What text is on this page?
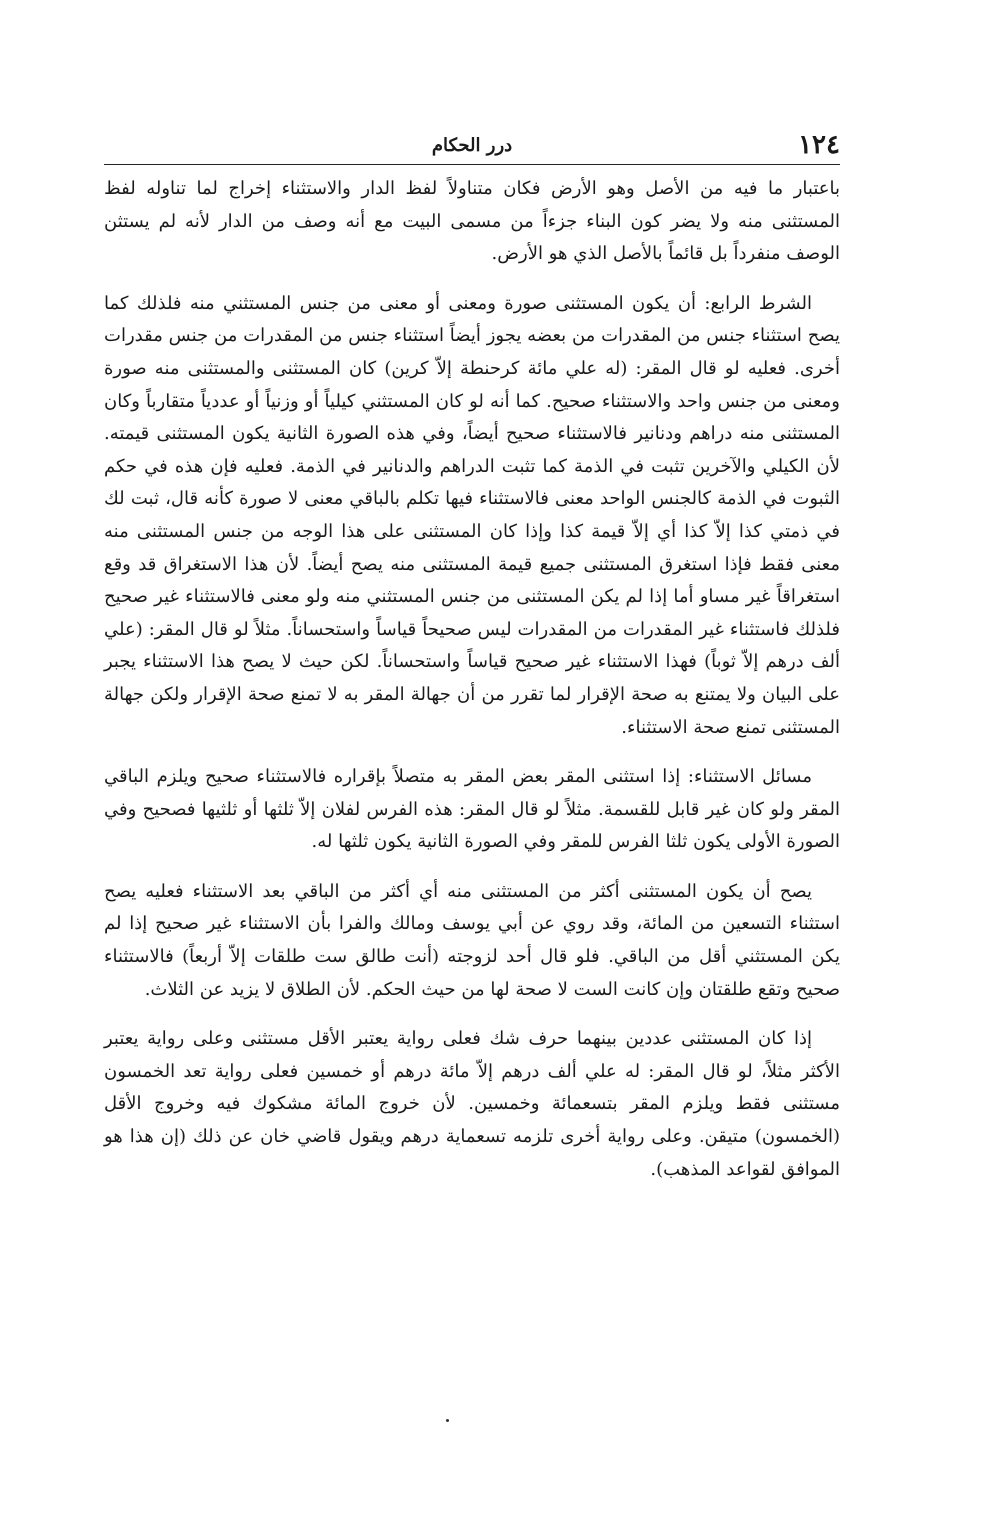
١٢٤
درر الحكام

باعتبار ما فيه من الأصل وهو الأرض فكان متناولاً لفظ الدار والاستثناء إخراج لما تناوله لفظ المستثنى منه ولا يضر كون البناء جزءاً من مسمى البيت مع أنه وصف من الدار لأنه لم يستثن الوصف منفرداً بل قائماً بالأصل الذي هو الأرض.

الشرط الرابع: أن يكون المستثنى صورة ومعنى أو معنى من جنس المستثني منه فلذلك كما يصح استثناء جنس من المقدرات من بعضه يجوز أيضاً استثناء جنس من المقدرات من جنس مقدرات أخرى. فعليه لو قال المقر: (له علي مائة كرحنطة إلاّ كرين) كان المستثنى والمستثنى منه صورة ومعنى من جنس واحد والاستثناء صحيح. كما أنه لو كان المستثني كيلياً أو وزنياً أو عددياً متقارباً وكان المستثنى منه دراهم ودنانير فالاستثناء صحيح أيضاً، وفي هذه الصورة الثانية يكون المستثنى قيمته. لأن الكيلي والآخرين تثبت في الذمة كما تثبت الدراهم والدنانير في الذمة. فعليه فإن هذه في حكم الثبوت في الذمة كالجنس الواحد معنى فالاستثناء فيها تكلم بالباقي معنى لا صورة كأنه قال، ثبت لك في ذمتي كذا إلاّ كذا أي إلاّ قيمة كذا وإذا كان المستثنى على هذا الوجه من جنس المستثنى منه معنى فقط فإذا استغرق المستثنى جميع قيمة المستثنى منه يصح أيضاً. لأن هذا الاستغراق قد وقع استغراقاً غير مساو أما إذا لم يكن المستثنى من جنس المستثني منه ولو معنى فالاستثناء غير صحيح فلذلك فاستثناء غير المقدرات من المقدرات ليس صحيحاً قياساً واستحساناً. مثلاً لو قال المقر: (علي ألف درهم إلاّ ثوباً) فهذا الاستثناء غير صحيح قياساً واستحساناً. لكن حيث لا يصح هذا الاستثناء يجبر على البيان ولا يمتنع به صحة الإقرار لما تقرر من أن جهالة المقر به لا تمنع صحة الإقرار ولكن جهالة المستثنى تمنع صحة الاستثناء.

مسائل الاستثناء: إذا استثنى المقر بعض المقر به متصلاً بإقراره فالاستثناء صحيح ويلزم الباقي المقر ولو كان غير قابل للقسمة. مثلاً لو قال المقر: هذه الفرس لفلان إلاّ ثلثها أو ثلثيها فصحيح وفي الصورة الأولى يكون ثلثا الفرس للمقر وفي الصورة الثانية يكون ثلثها له.

يصح أن يكون المستثنى أكثر من المستثنى منه أي أكثر من الباقي بعد الاستثناء فعليه يصح استثناء التسعين من المائة، وقد روي عن أبي يوسف ومالك والفرا بأن الاستثناء غير صحيح إذا لم يكن المستثني أقل من الباقي. فلو قال أحد لزوجته (أنت طالق ست طلقات إلاّ أربعاً) فالاستثناء صحيح وتقع طلقتان وإن كانت الست لا صحة لها من حيث الحكم. لأن الطلاق لا يزيد عن الثلاث.

إذا كان المستثنى عددين بينهما حرف شك فعلى رواية يعتبر الأقل مستثنى وعلى رواية يعتبر الأكثر مثلاً، لو قال المقر: له علي ألف درهم إلاّ مائة درهم أو خمسين فعلى رواية تعد الخمسون مستثنى فقط ويلزم المقر بتسعمائة وخمسين. لأن خروج المائة مشكوك فيه وخروج الأقل (الخمسون) متيقن. وعلى رواية أخرى تلزمه تسعماية درهم ويقول قاضي خان عن ذلك (إن هذا هو الموافق لقواعد المذهب).
